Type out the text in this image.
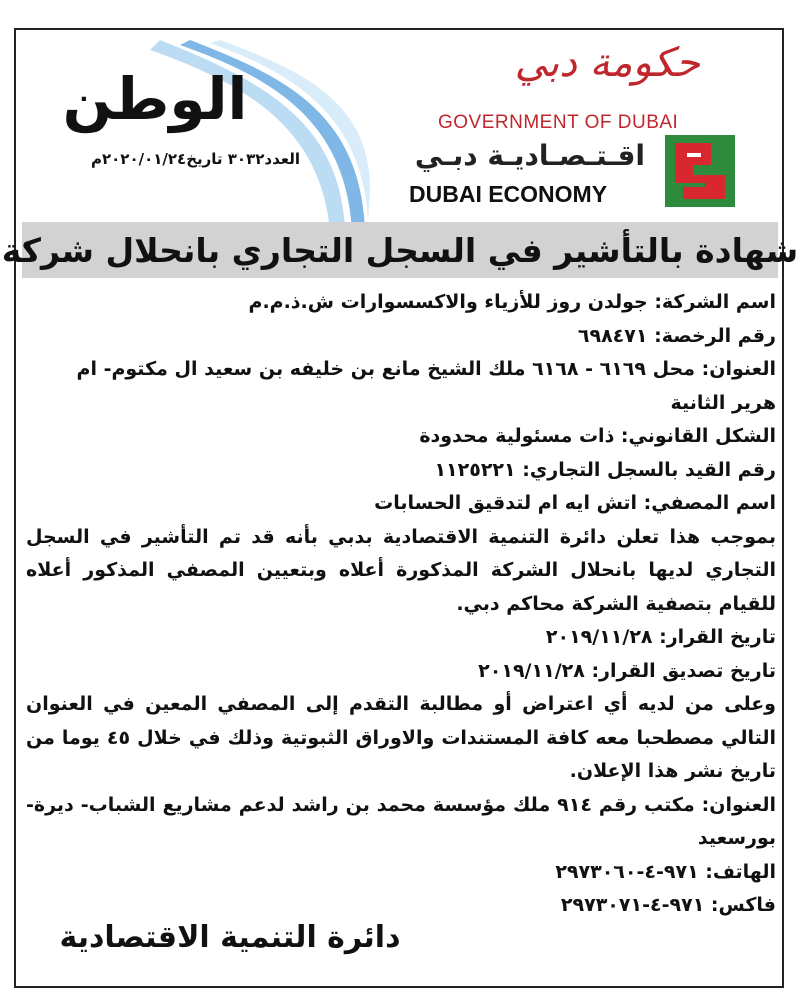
الوطن
العدد٣٠٣٢ تاريخ٢٠٢٠/٠١/٢٤م
حكومة دبي
GOVERNMENT OF DUBAI
اقـتـصـاديـة دبـي
DUBAI ECONOMY
شهادة بالتأشير في السجل التجاري بانحلال شركة

اسم الشركة: جولدن روز للأزياء والاكسسوارات ش.ذ.م.م

رقم الرخصة: ٦٩٨٤٧١

العنوان: محل ٦١٦٩ - ٦١٦٨ ملك الشيخ مانع بن خليفه بن سعيد ال مكتوم- ام هرير الثانية

الشكل القانوني: ذات مسئولية محدودة

رقم القيد بالسجل التجاري: ١١٢٥٢٢١

اسم المصفي: اتش ايه ام لتدقيق الحسابات

بموجب هذا تعلن دائرة التنمية الاقتصادية بدبي بأنه قد تم التأشير في السجل التجاري لديها بانحلال الشركة المذكورة أعلاه وبتعيين المصفي المذكور أعلاه للقيام بتصفية الشركة محاكم دبي.

تاريخ القرار: ٢٠١٩/١١/٢٨

تاريخ تصديق القرار: ٢٠١٩/١١/٢٨

وعلى من لديه أي اعتراض أو مطالبة التقدم إلى المصفي المعين في العنوان التالي مصطحبا معه كافة المستندات والاوراق الثبوتية وذلك في خلال ٤٥ يوما من تاريخ نشر هذا الإعلان.

العنوان: مكتب رقم ٩١٤ ملك مؤسسة محمد بن راشد لدعم مشاريع الشباب- ديرة- بورسعيد

الهاتف: ٩٧١-٤-٢٩٧٣٠٦٠

فاكس: ٩٧١-٤-٢٩٧٣٠٧١

دائرة التنمية الاقتصادية
